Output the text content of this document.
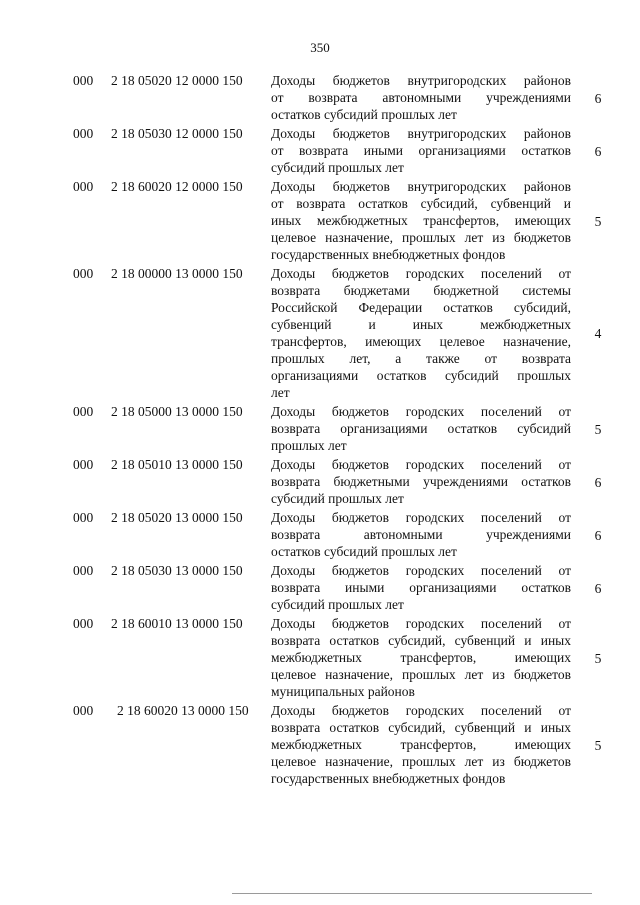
350
000 2 18 05020 12 0000 150 Доходы бюджетов внутригородских районов
от возврата автономными учреждениями
остатков субсидий прошлых лет
6
000 2 18 05030 12 0000 150 Доходы бюджетов внутригородских районов
от возврата иными организациями остатков
субсидий прошлых лет
6
000 2 18 60020 12 0000 150 Доходы бюджетов внутригородских районов
от возврата остатков субсидий, субвенций и
иных межбюджетных трансфертов, имеющих
целевое назначение, прошлых лет из бюджетов
государственных внебюджетных фондов
5
000 2 18 00000 13 0000 150 Доходы бюджетов городских поселений от
возврата бюджетами бюджетной системы
Российской Федерации остатков субсидий,
субвенций и иных межбюджетных
трансфертов, имеющих целевое назначение,
прошлых лет, а также от возврата
организациями остатков субсидий прошлых
лет
4
000 2 18 05000 13 0000 150 Доходы бюджетов городских поселений от
возврата организациями остатков субсидий
прошлых лет
5
000 2 18 05010 13 0000 150 Доходы бюджетов городских поселений от
возврата бюджетными учреждениями остатков
субсидий прошлых лет
6
000 2 18 05020 13 0000 150 Доходы бюджетов городских поселений от
возврата автономными учреждениями
остатков субсидий прошлых лет
6
000 2 18 05030 13 0000 150 Доходы бюджетов городских поселений от
возврата иными организациями остатков
субсидий прошлых лет
6
000 2 18 60010 13 0000 150 Доходы бюджетов городских поселений от
возврата остатков субсидий, субвенций и иных
межбюджетных трансфертов, имеющих
целевое назначение, прошлых лет из бюджетов
муниципальных районов
5
000 2 18 60020 13 0000 150 Доходы бюджетов городских поселений от
возврата остатков субсидий, субвенций и иных
межбюджетных трансфертов, имеющих
целевое назначение, прошлых лет из бюджетов
государственных внебюджетных фондов
5
